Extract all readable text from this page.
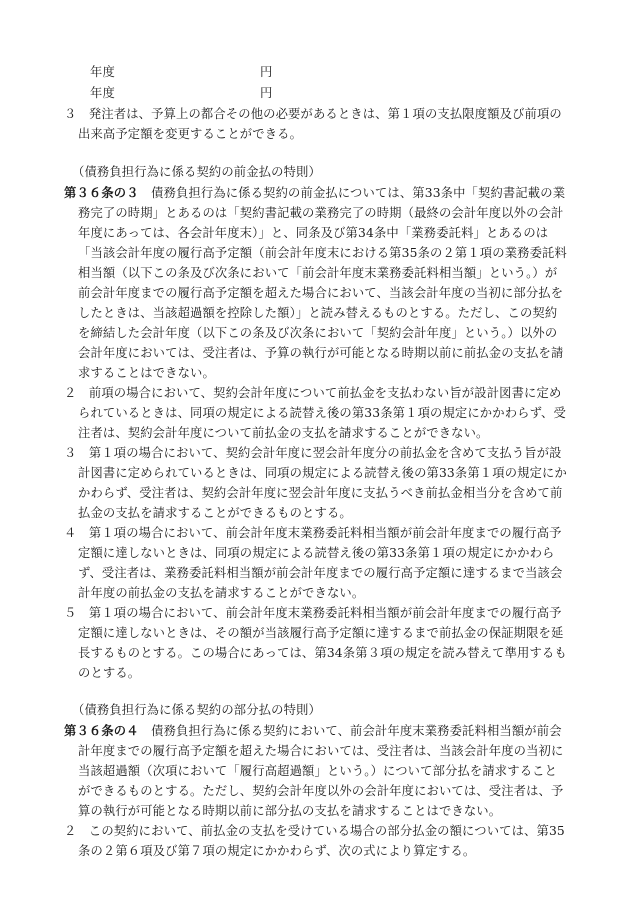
年度	円
年度	円
３　発注者は、予算上の都合その他の必要があるときは、第１項の支払限度額及び前項の
出来高予定額を変更することができる。
（債務負担行為に係る契約の前金払の特則）
第３６条の３　債務負担行為に係る契約の前金払については、第33条中「契約書記載の業
務完了の時期」とあるのは「契約書記載の業務完了の時期（最終の会計年度以外の会計
年度にあっては、各会計年度末）」と、同条及び第34条中「業務委託料」とあるのは
「当該会計年度の履行高予定額（前会計年度末における第35条の２第１項の業務委託料
相当額（以下この条及び次条において「前会計年度末業務委託料相当額」という。）が
前会計年度までの履行高予定額を超えた場合において、当該会計年度の当初に部分払を
したときは、当該超過額を控除した額）」と読み替えるものとする。ただし、この契約
を締結した会計年度（以下この条及び次条において「契約会計年度」という。）以外の
会計年度においては、受注者は、予算の執行が可能となる時期以前に前払金の支払を請
求することはできない。
２　前項の場合において、契約会計年度について前払金を支払わない旨が設計図書に定め
られているときは、同項の規定による読替え後の第33条第１項の規定にかかわらず、受
注者は、契約会計年度について前払金の支払を請求することができない。
３　第１項の場合において、契約会計年度に翌会計年度分の前払金を含めて支払う旨が設
計図書に定められているときは、同項の規定による読替え後の第33条第１項の規定にか
かわらず、受注者は、契約会計年度に翌会計年度に支払うべき前払金相当分を含めて前
払金の支払を請求することができるものとする。
４　第１項の場合において、前会計年度末業務委託料相当額が前会計年度までの履行高予
定額に達しないときは、同項の規定による読替え後の第33条第１項の規定にかかわら
ず、受注者は、業務委託料相当額が前会計年度までの履行高予定額に達するまで当該会
計年度の前払金の支払を請求することができない。
５　第１項の場合において、前会計年度末業務委託料相当額が前会計年度までの履行高予
定額に達しないときは、その額が当該履行高予定額に達するまで前払金の保証期限を延
長するものとする。この場合にあっては、第34条第３項の規定を読み替えて準用するも
のとする。
（債務負担行為に係る契約の部分払の特則）
第３６条の４　債務負担行為に係る契約において、前会計年度末業務委託料相当額が前会
計年度までの履行高予定額を超えた場合においては、受注者は、当該会計年度の当初に
当該超過額（次項において「履行高超過額」という。）について部分払を請求すること
ができるものとする。ただし、契約会計年度以外の会計年度においては、受注者は、予
算の執行が可能となる時期以前に部分払の支払を請求することはできない。
２　この契約において、前払金の支払を受けている場合の部分払金の額については、第35
条の２第６項及び第７項の規定にかかわらず、次の式により算定する。
